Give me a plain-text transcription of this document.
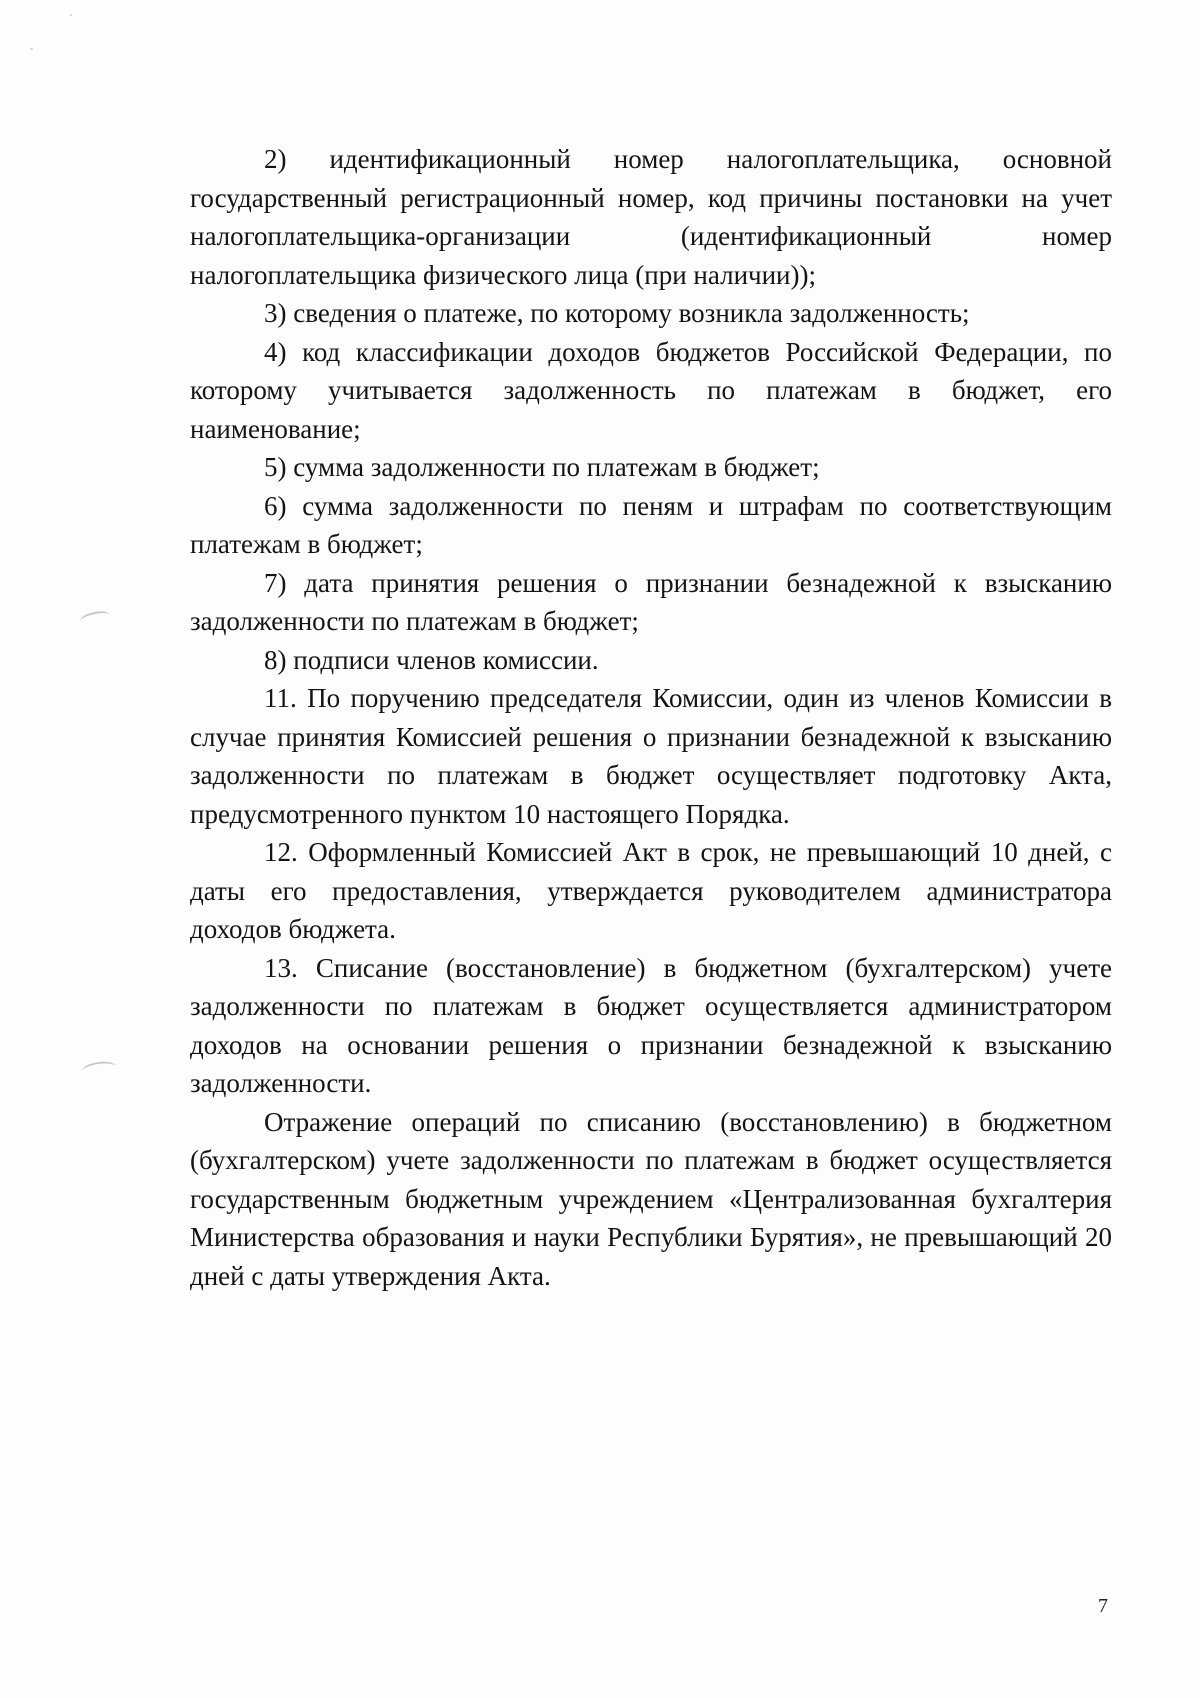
2) идентификационный номер налогоплательщика, основной государственный регистрационный номер, код причины постановки на учет налогоплательщика-организации (идентификационный номер налогоплательщика физического лица (при наличии));

3) сведения о платеже, по которому возникла задолженность;

4) код классификации доходов бюджетов Российской Федерации, по которому учитывается задолженность по платежам в бюджет, его наименование;

5) сумма задолженности по платежам в бюджет;

6) сумма задолженности по пеням и штрафам по соответствующим платежам в бюджет;

7) дата принятия решения о признании безнадежной к взысканию задолженности по платежам в бюджет;

8) подписи членов комиссии.

11. По поручению председателя Комиссии, один из членов Комиссии в случае принятия Комиссией решения о признании безнадежной к взысканию задолженности по платежам в бюджет осуществляет подготовку Акта, предусмотренного пунктом 10 настоящего Порядка.

12. Оформленный Комиссией Акт в срок, не превышающий 10 дней, с даты его предоставления, утверждается руководителем администратора доходов бюджета.

13. Списание (восстановление) в бюджетном (бухгалтерском) учете задолженности по платежам в бюджет осуществляется администратором доходов на основании решения о признании безнадежной к взысканию задолженности.

Отражение операций по списанию (восстановлению) в бюджетном (бухгалтерском) учете задолженности по платежам в бюджет осуществляется государственным бюджетным учреждением «Централизованная бухгалтерия Министерства образования и науки Республики Бурятия», не превышающий 20 дней с даты утверждения Акта.

7
